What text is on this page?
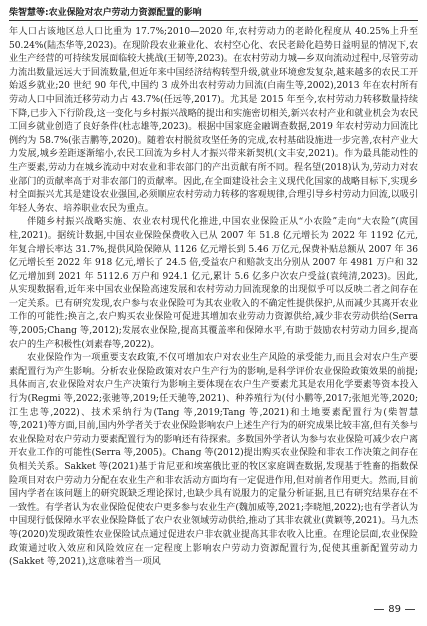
柴智慧等:农业保险对农户劳动力资源配置的影响

年人口占该地区总人口比重为 17.7%;2010—2020 年,农村劳动力的老龄化程度从 40.25%上升至 50.24%(陆杰华等,2023)。在现阶段农业兼业化、农村空心化、农民老龄化趋势日益明显的情况下,农业生产经营的可持续发展面临较大挑战(王韧等,2023)。在农村劳动力城—乡双向流动过程中,尽管劳动力流出数量远远大于回流数量,但近年来中国经济结构转型升级,就业环境愈发复杂,越来越多的农民工开始返乡就业;20 世纪 90 年代,中国约 3 成外出农村劳动力回流(白南生等,2002),2013 年在农村所有劳动人口中回流迁移劳动力占 43.7%(任远等,2017)。尤其是 2015 年至今,农村劳动力转移数量持续下降,已步入下行阶段,这一变化与乡村振兴战略的提出和实施密切相关,新兴农村产业和就业机会为农民工回乡就业创造了良好条件(杜志雄等,2023)。根据中国家庭金融调查数据,2019 年农村劳动力回流比例约为 58.7%(张吉鹏等,2020)。随着农村脱贫攻坚任务的完成,农村基础设施进一步完善,农村产业大力发展,城乡差距逐渐缩小,农民工回流为乡村人才振兴带来新契机(文丰安,2021)。作为最具能动性的生产要素,劳动力在城乡流动中对农业和非农部门的产出贡献有所不同。程名望(2018)认为,劳动力对农业部门的贡献率高于对非农部门的贡献率。因此,在全面建设社会主义现代化国家的战略目标下,实现乡村全面振兴尤其是建设农业强国,必须顺应农村劳动力转移的客观规律,合理引导乡村劳动力回流,以吸引年轻人务农、培养职业农民为重点。

伴随乡村振兴战略实施、农业农村现代化推进,中国农业保险正从“小农险”走向“大农险”(庹国柱,2021)。据统计数据,中国农业保险保费收入已从 2007 年 51.8 亿元增长为 2022 年 1192 亿元,年复合增长率达 31.7%,提供风险保障从 1126 亿元增长到 5.46 万亿元,保费补贴总额从 2007 年 36 亿元增长至 2022 年 918 亿元,增长了 24.5 倍,受益农户和赔款支出分别从 2007 年 4981 万户和 32 亿元增加到 2021 年 5112.6 万户和 924.1 亿元,累计 5.6 亿多户次农户受益(袁纯清,2023)。因此,从实现数据看,近年来中国农业保险高速发展和农村劳动力回流现象的出现似乎可以反映二者之间存在一定关系。已有研究发现,农户参与农业保险可为其农业收入的不确定性提供保护,从而减少其离开农业工作的可能性;换言之,农户购买农业保险可促进其增加农业劳动力资源供给,减少非农劳动供给(Serra 等,2005;Chang 等,2012);发展农业保险,提高其覆盖率和保障水平,有助于鼓励农村劳动力回乡,提高农户的生产积极性(刘素春等,2022)。

农业保险作为一项重要支农政策,不仅可增加农户对农业生产风险的承受能力,而且会对农户生产要素配置行为产生影响。分析农业保险政策对农户生产行为的影响,是科学评价农业保险政策效果的前提;具体而言,农业保险对农户生产决策行为影响主要体现在农户生产要素尤其是农用化学要素等资本投入行为(Regmi 等,2022;张驰等,2019;任天驰等,2021)、种养殖行为(付小鹏等,2017;张旭光等,2020;江生忠等,2022)、技术采纳行为(Tang 等,2019;Tang 等,2021)和土地要素配置行为(柴智慧等,2021)等方面,目前,国内外学者关于农业保险影响农户上述生产行为的研究成果比较丰富,但有关参与农业保险对农户劳动力要素配置行为的影响还有待探索。多数国外学者认为参与农业保险可减少农户离开农业工作的可能性(Serra 等,2005)。Chang 等(2012)提出购买农业保险和非农工作决策之间存在负相关关系。Sakket 等(2021)基于肯尼亚和埃塞俄比亚的牧区家庭调查数据,发现基于牲畜的指数保险项目对农户劳动力分配在农业生产和非农活动方面均有一定促进作用,但对前者作用更大。然而,目前国内学者在该问题上的研究既缺乏理论探讨,也缺少具有说服力的定量分析证据,且已有研究结果存在不一致性。有学者认为农业保险促使农户更多参与农业生产(魏加威等,2021;李晓旭,2022);也有学者认为中国现行低保障水平农业保险降低了农户农业领域劳动供给,推动了其非农就业(黄颖等,2021)。马九杰等(2020)发现政策性农业保险试点通过促进农户非农就业提高其非农收入比重。在理论层面,农业保险政策通过收入效应和风险效应在一定程度上影响农户劳动力资源配置行为,促使其重新配置劳动力(Sakket 等,2021),这意味着当一项风

89
